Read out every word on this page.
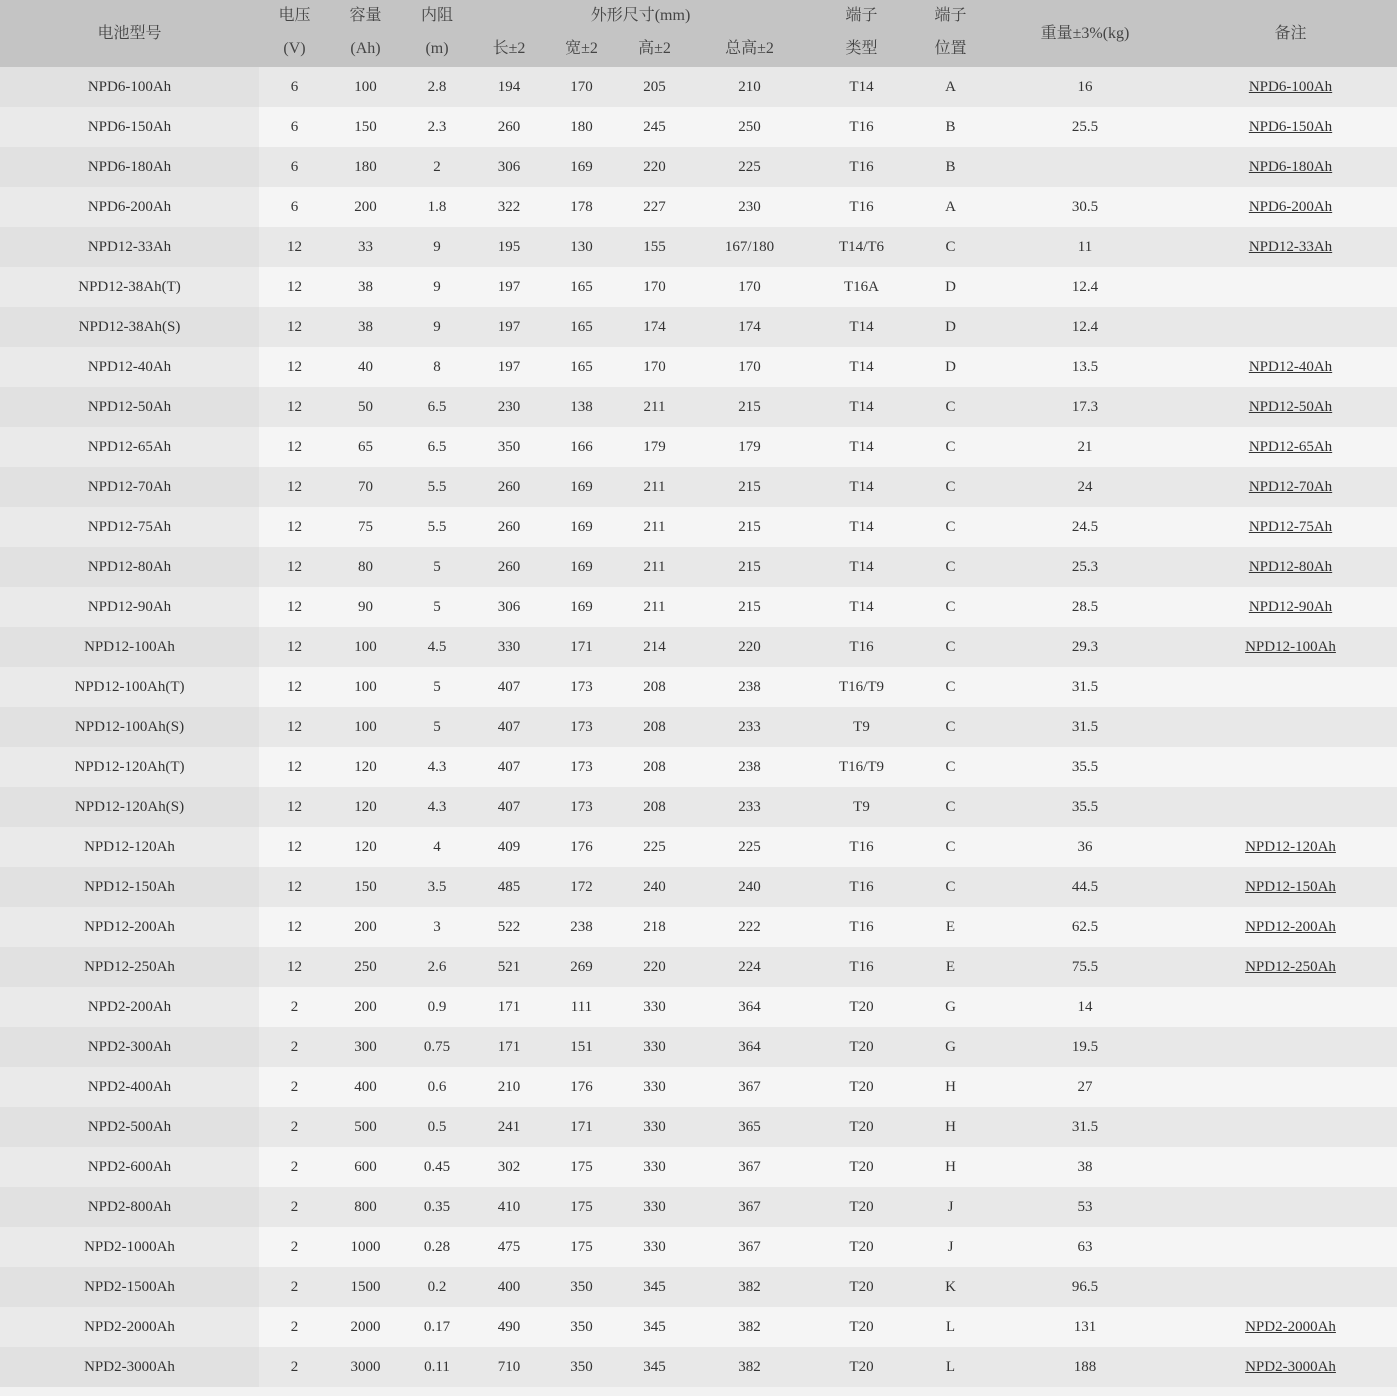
电池型号	电压	容量	内阻	外形尺寸(mm)				端子	端子	重量±3%(kg)	备注
	(V)	(Ah)	(m)	长±2	宽±2	高±2	总高±2	类型	位置		
NPD6-100Ah	6	100	2.8	194	170	205	210	T14	A	16	NPD6-100Ah
NPD6-150Ah	6	150	2.3	260	180	245	250	T16	B	25.5	NPD6-150Ah
NPD6-180Ah	6	180	2	306	169	220	225	T16	B		NPD6-180Ah
NPD6-200Ah	6	200	1.8	322	178	227	230	T16	A	30.5	NPD6-200Ah
NPD12-33Ah	12	33	9	195	130	155	167/180	T14/T6	C	11	NPD12-33Ah
NPD12-38Ah(T)	12	38	9	197	165	170	170	T16A	D	12.4	
NPD12-38Ah(S)	12	38	9	197	165	174	174	T14	D	12.4	
NPD12-40Ah	12	40	8	197	165	170	170	T14	D	13.5	NPD12-40Ah
NPD12-50Ah	12	50	6.5	230	138	211	215	T14	C	17.3	NPD12-50Ah
NPD12-65Ah	12	65	6.5	350	166	179	179	T14	C	21	NPD12-65Ah
NPD12-70Ah	12	70	5.5	260	169	211	215	T14	C	24	NPD12-70Ah
NPD12-75Ah	12	75	5.5	260	169	211	215	T14	C	24.5	NPD12-75Ah
NPD12-80Ah	12	80	5	260	169	211	215	T14	C	25.3	NPD12-80Ah
NPD12-90Ah	12	90	5	306	169	211	215	T14	C	28.5	NPD12-90Ah
NPD12-100Ah	12	100	4.5	330	171	214	220	T16	C	29.3	NPD12-100Ah
NPD12-100Ah(T)	12	100	5	407	173	208	238	T16/T9	C	31.5	
NPD12-100Ah(S)	12	100	5	407	173	208	233	T9	C	31.5	
NPD12-120Ah(T)	12	120	4.3	407	173	208	238	T16/T9	C	35.5	
NPD12-120Ah(S)	12	120	4.3	407	173	208	233	T9	C	35.5	
NPD12-120Ah	12	120	4	409	176	225	225	T16	C	36	NPD12-120Ah
NPD12-150Ah	12	150	3.5	485	172	240	240	T16	C	44.5	NPD12-150Ah
NPD12-200Ah	12	200	3	522	238	218	222	T16	E	62.5	NPD12-200Ah
NPD12-250Ah	12	250	2.6	521	269	220	224	T16	E	75.5	NPD12-250Ah
NPD2-200Ah	2	200	0.9	171	111	330	364	T20	G	14	
NPD2-300Ah	2	300	0.75	171	151	330	364	T20	G	19.5	
NPD2-400Ah	2	400	0.6	210	176	330	367	T20	H	27	
NPD2-500Ah	2	500	0.5	241	171	330	365	T20	H	31.5	
NPD2-600Ah	2	600	0.45	302	175	330	367	T20	H	38	
NPD2-800Ah	2	800	0.35	410	175	330	367	T20	J	53	
NPD2-1000Ah	2	1000	0.28	475	175	330	367	T20	J	63	
NPD2-1500Ah	2	1500	0.2	400	350	345	382	T20	K	96.5	
NPD2-2000Ah	2	2000	0.17	490	350	345	382	T20	L	131	NPD2-2000Ah
NPD2-3000Ah	2	3000	0.11	710	350	345	382	T20	L	188	NPD2-3000Ah
